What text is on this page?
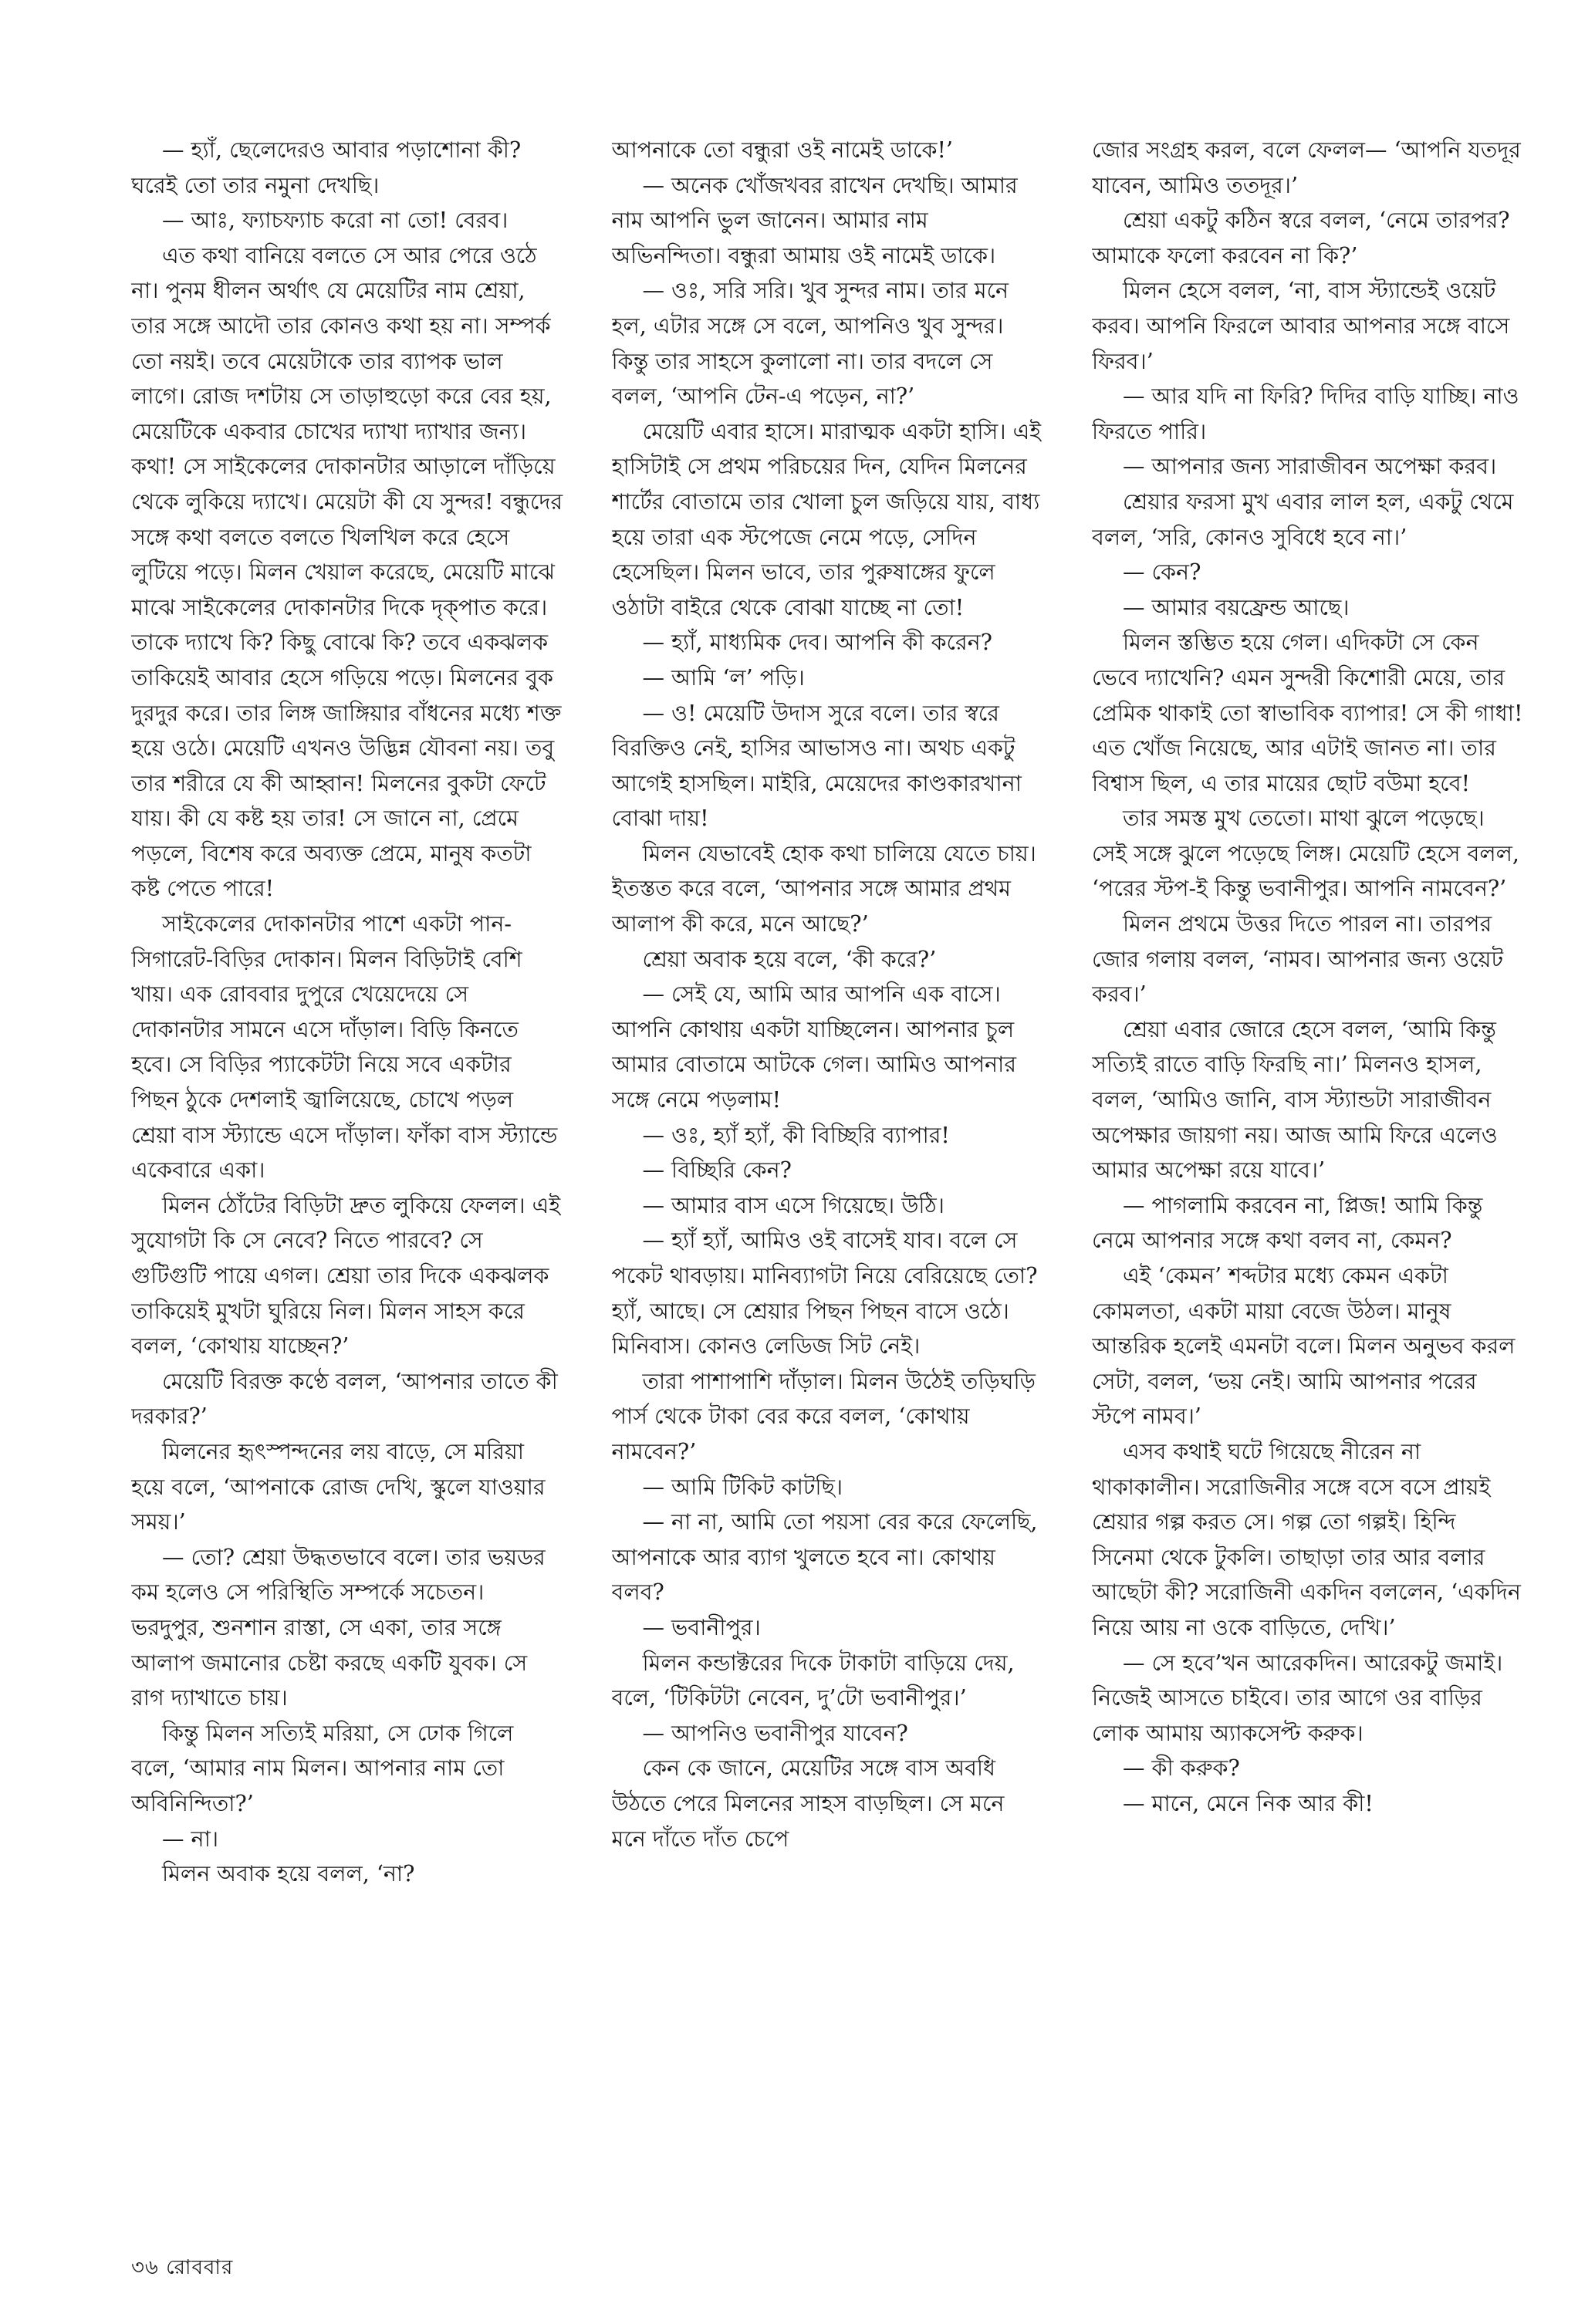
— হ্যাঁ, ছেলেদেরও আবার পড়াশোনা কী? ঘরেই তো তার নমুনা দেখছি।

— আঃ, ফ্যাচফ্যাচ করো না তো! বেরব।

এত কথা বানিয়ে বলতে সে আর পেরে ওঠে না। পুনম ধীলন অর্থাৎ যে মেয়েটির নাম শ্রেয়া, তার সঙ্গে আদৌ তার কোনও কথা হয় না। সম্পর্ক তো নয়ই। তবে মেয়েটাকে তার ব্যাপক ভাল লাগে। রোজ দশটায় সে তাড়াহুড়ো করে বের হয়, মেয়েটিকে একবার চোখের দ্যাখা দ্যাখার জন্য। কথা! সে সাইকেলের দোকানটার আড়ালে দাঁড়িয়ে থেকে লুকিয়ে দ্যাখে। মেয়েটা কী যে সুন্দর! বন্ধুদের সঙ্গে কথা বলতে বলতে খিলখিল করে হেসে লুটিয়ে পড়ে। মিলন খেয়াল করেছে, মেয়েটি মাঝে মাঝে সাইকেলের দোকানটার দিকে দৃক্‌পাত করে। তাকে দ্যাখে কি? কিছু বোঝে কি? তবে একঝলক তাকিয়েই আবার হেসে গড়িয়ে পড়ে। মিলনের বুক দুরদুর করে। তার লিঙ্গ জাঙ্গিয়ার বাঁধনের মধ্যে শক্ত হয়ে ওঠে। মেয়েটি এখনও উদ্ভিন্ন যৌবনা নয়। তবু তার শরীরে যে কী আহ্বান! মিলনের বুকটা ফেটে যায়। কী যে কষ্ট হয় তার! সে জানে না, প্রেমে পড়লে, বিশেষ করে অব্যক্ত প্রেমে, মানুষ কতটা কষ্ট পেতে পারে!

সাইকেলের দোকানটার পাশে একটা পান-সিগারেট-বিড়ির দোকান। মিলন বিড়িটাই বেশি খায়। এক রোববার দুপুরে খেয়েদেয়ে সে দোকানটার সামনে এসে দাঁড়াল। বিড়ি কিনতে হবে। সে বিড়ির প্যাকেটটা নিয়ে সবে একটার পিছন ঠুকে দেশলাই জ্বালিয়েছে, চোখে পড়ল শ্রেয়া বাস স্ট্যান্ডে এসে দাঁড়াল। ফাঁকা বাস স্ট্যান্ডে একেবারে একা।

মিলন ঠোঁটের বিড়িটা দ্রুত লুকিয়ে ফেলল। এই সুযোগটা কি সে নেবে? নিতে পারবে? সে গুটিগুটি পায়ে এগল। শ্রেয়া তার দিকে একঝলক তাকিয়েই মুখটা ঘুরিয়ে নিল। মিলন সাহস করে বলল, ‘কোথায় যাচ্ছেন?’

মেয়েটি বিরক্ত কণ্ঠে বলল, ‘আপনার তাতে কী দরকার?’

মিলনের হৃৎস্পন্দনের লয় বাড়ে, সে মরিয়া হয়ে বলে, ‘আপনাকে রোজ দেখি, স্কুলে যাওয়ার সময়।’

— তো? শ্রেয়া উদ্ধতভাবে বলে। তার ভয়ডর কম হলেও সে পরিস্থিতি সম্পর্কে সচেতন। ভরদুপুর, শুনশান রাস্তা, সে একা, তার সঙ্গে আলাপ জমানোর চেষ্টা করছে একটি যুবক। সে রাগ দ্যাখাতে চায়।

কিন্তু মিলন সত্যিই মরিয়া, সে ঢোক গিলে বলে, ‘আমার নাম মিলন। আপনার নাম তো অবিনিন্দিতা?’

— না।

মিলন অবাক হয়ে বলল, ‘না?

আপনাকে তো বন্ধুরা ওই নামেই ডাকে!’

— অনেক খোঁজখবর রাখেন দেখছি। আমার নাম আপনি ভুল জানেন। আমার নাম অভিনন্দিতা। বন্ধুরা আমায় ওই নামেই ডাকে।

— ওঃ, সরি সরি। খুব সুন্দর নাম। তার মনে হল, এটার সঙ্গে সে বলে, আপনিও খুব সুন্দর। কিন্তু তার সাহসে কুলালো না। তার বদলে সে বলল, ‘আপনি টেন-এ পড়েন, না?’

মেয়েটি এবার হাসে। মারাত্মক একটা হাসি। এই হাসিটাই সে প্রথম পরিচয়ের দিন, যেদিন মিলনের শার্টের বোতামে তার খোলা চুল জড়িয়ে যায়, বাধ্য হয়ে তারা এক স্টপেজে নেমে পড়ে, সেদিন হেসেছিল। মিলন ভাবে, তার পুরুষাঙ্গের ফুলে ওঠাটা বাইরে থেকে বোঝা যাচ্ছে না তো!

— হ্যাঁ, মাধ্যমিক দেব। আপনি কী করেন?

— আমি ‘ল’ পড়ি।

— ও! মেয়েটি উদাস সুরে বলে। তার স্বরে বিরক্তিও নেই, হাসির আভাসও না। অথচ একটু আগেই হাসছিল। মাইরি, মেয়েদের কাণ্ডকারখানা বোঝা দায়!

মিলন যেভাবেই হোক কথা চালিয়ে যেতে চায়। ইতস্তত করে বলে, ‘আপনার সঙ্গে আমার প্রথম আলাপ কী করে, মনে আছে?’

শ্রেয়া অবাক হয়ে বলে, ‘কী করে?’

— সেই যে, আমি আর আপনি এক বাসে। আপনি কোথায় একটা যাচ্ছিলেন। আপনার চুল আমার বোতামে আটকে গেল। আমিও আপনার সঙ্গে নেমে পড়লাম!

— ওঃ, হ্যাঁ হ্যাঁ, কী বিচ্ছিরি ব্যাপার!

— বিচ্ছিরি কেন?

— আমার বাস এসে গিয়েছে। উঠি।

— হ্যাঁ হ্যাঁ, আমিও ওই বাসেই যাব। বলে সে পকেট থাবড়ায়। মানিব্যাগটা নিয়ে বেরিয়েছে তো? হ্যাঁ, আছে। সে শ্রেয়ার পিছন পিছন বাসে ওঠে। মিনিবাস। কোনও লেডিজ সিট নেই।

তারা পাশাপাশি দাঁড়াল। মিলন উঠেই তড়িঘড়ি পার্স থেকে টাকা বের করে বলল, ‘কোথায় নামবেন?’

— আমি টিকিট কাটছি।

— না না, আমি তো পয়সা বের করে ফেলেছি, আপনাকে আর ব্যাগ খুলতে হবে না। কোথায় বলব?

— ভবানীপুর।

মিলন কন্ডাক্টরের দিকে টাকাটা বাড়িয়ে দেয়, বলে, ‘টিকিটটা নেবেন, দু’টো ভবানীপুর।’

— আপনিও ভবানীপুর যাবেন?

কেন কে জানে, মেয়েটির সঙ্গে বাস অবধি উঠতে পেরে মিলনের সাহস বাড়ছিল। সে মনে মনে দাঁতে দাঁত চেপে

জোর সংগ্রহ করল, বলে ফেলল— ‘আপনি যতদূর যাবেন, আমিও ততদূর।’

শ্রেয়া একটু কঠিন স্বরে বলল, ‘নেমে তারপর? আমাকে ফলো করবেন না কি?’

মিলন হেসে বলল, ‘না, বাস স্ট্যান্ডেই ওয়েট করব। আপনি ফিরলে আবার আপনার সঙ্গে বাসে ফিরব।’

— আর যদি না ফিরি? দিদির বাড়ি যাচ্ছি। নাও ফিরতে পারি।

— আপনার জন্য সারাজীবন অপেক্ষা করব।

শ্রেয়ার ফরসা মুখ এবার লাল হল, একটু থেমে বলল, ‘সরি, কোনও সুবিধে হবে না।’

— কেন?

— আমার বয়ফ্রেন্ড আছে।

মিলন স্তম্ভিত হয়ে গেল। এদিকটা সে কেন ভেবে দ্যাখেনি? এমন সুন্দরী কিশোরী মেয়ে, তার প্রেমিক থাকাই তো স্বাভাবিক ব্যাপার! সে কী গাধা! এত খোঁজ নিয়েছে, আর এটাই জানত না। তার বিশ্বাস ছিল, এ তার মায়ের ছোট বউমা হবে!

তার সমস্ত মুখ তেতো। মাথা ঝুলে পড়েছে। সেই সঙ্গে ঝুলে পড়েছে লিঙ্গ। মেয়েটি হেসে বলল, ‘পরের স্টপ-ই কিন্তু ভবানীপুর। আপনি নামবেন?’

মিলন প্রথমে উত্তর দিতে পারল না। তারপর জোর গলায় বলল, ‘নামব। আপনার জন্য ওয়েট করব।’

শ্রেয়া এবার জোরে হেসে বলল, ‘আমি কিন্তু সত্যিই রাতে বাড়ি ফিরছি না।’ মিলনও হাসল, বলল, ‘আমিও জানি, বাস স্ট্যান্ডটা সারাজীবন অপেক্ষার জায়গা নয়। আজ আমি ফিরে এলেও আমার অপেক্ষা রয়ে যাবে।’

— পাগলামি করবেন না, প্লিজ! আমি কিন্তু নেমে আপনার সঙ্গে কথা বলব না, কেমন?

এই ‘কেমন’ শব্দটার মধ্যে কেমন একটা কোমলতা, একটা মায়া বেজে উঠল। মানুষ আন্তরিক হলেই এমনটা বলে। মিলন অনুভব করল সেটা, বলল, ‘ভয় নেই। আমি আপনার পরের স্টপে নামব।’

এসব কথাই ঘটে গিয়েছে নীরেন না থাকাকালীন। সরোজিনীর সঙ্গে বসে বসে প্রায়ই শ্রেয়ার গল্প করত সে। গল্প তো গল্পই। হিন্দি সিনেমা থেকে টুকলি। তাছাড়া তার আর বলার আছেটা কী? সরোজিনী একদিন বললেন, ‘একদিন নিয়ে আয় না ওকে বাড়িতে, দেখি।’

— সে হবে’খন আরেকদিন। আরেকটু জমাই। নিজেই আসতে চাইবে। তার আগে ওর বাড়ির লোক আমায় অ্যাকসেপ্ট করুক।

— কী করুক?

— মানে, মেনে নিক আর কী!

৩৬ রোববার
